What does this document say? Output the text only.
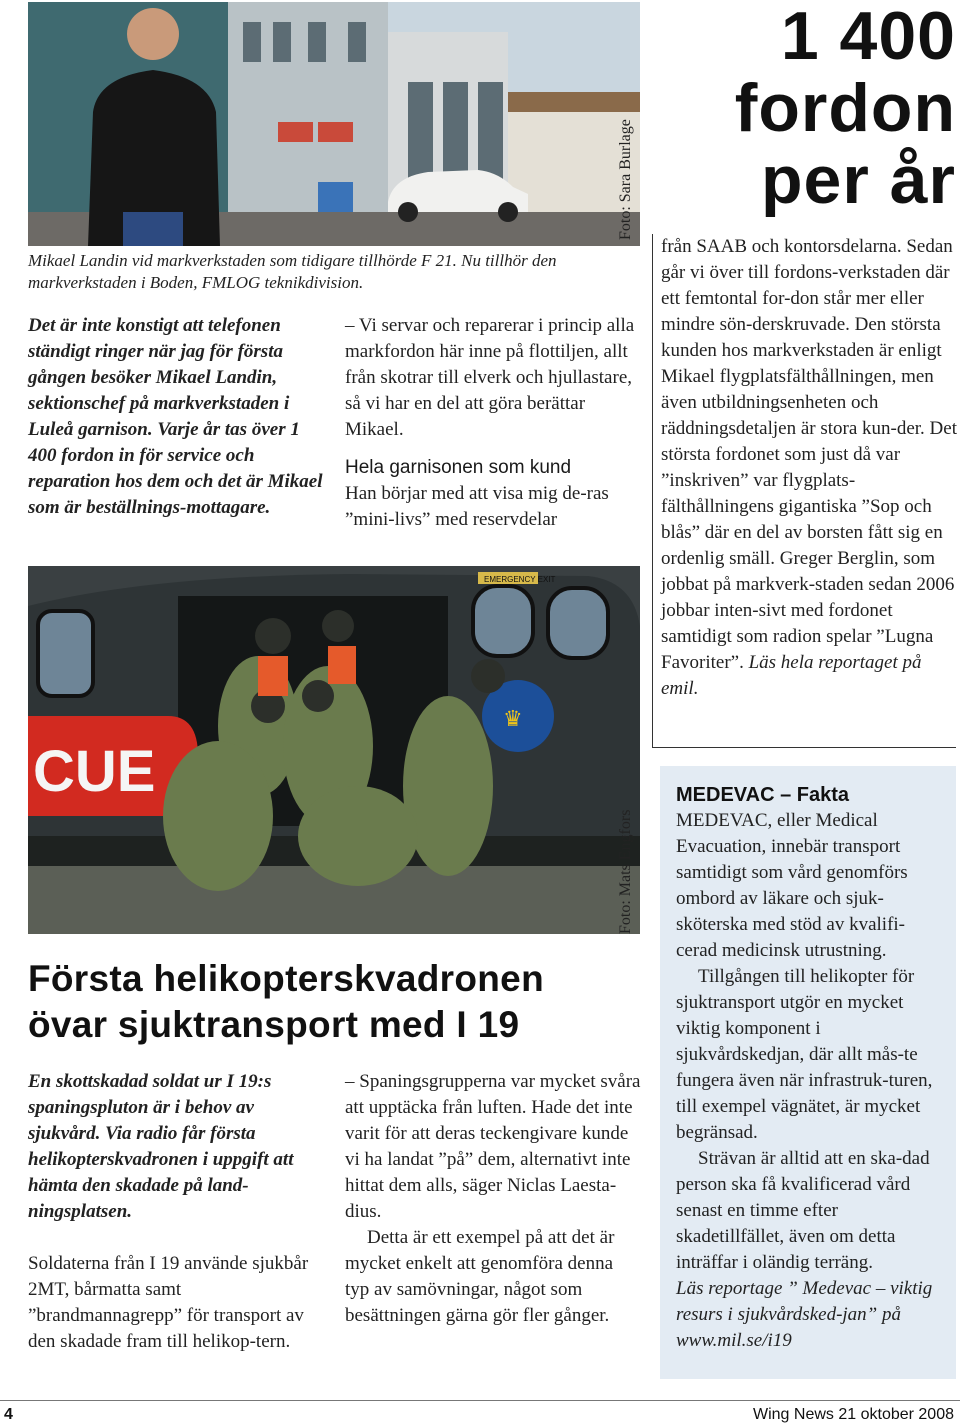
Foto: Sara Burlage
1 400
fordon
per år
Mikael Landin vid markverkstaden som tidigare tillhörde F 21. Nu tillhör den markverkstaden i Boden, FMLOG teknikdivision.
Det är inte konstigt att telefonen ständigt ringer när jag för första gången besöker Mikael Landin, sektionschef på markverkstaden i Luleå garnison. Varje år tas över 1 400 fordon in för service och reparation hos dem och det är Mikael som är beställnings-mottagare.

– Vi servar och reparerar i princip alla markfordon här inne på flottiljen, allt från skotrar till elverk och hjullastare, så vi har en del att göra berättar Mikael.

Hela garnisonen som kund

Han börjar med att visa mig de-ras ”mini-livs” med reservdelar

från SAAB och kontorsdelarna. Sedan går vi över till fordons-verkstaden där ett femtontal for-don står mer eller mindre sön-derskruvade. Den största kunden hos markverkstaden är enligt Mikael flygplatsfälthållningen, men även utbildningsenheten och räddningsdetaljen är stora kun-der. Det största fordonet som just då var ”inskriven” var flygplats-fälthållningens gigantiska ”Sop och blås” där en del av borsten fått sig en ordenlig smäll. Greger Berglin, som jobbat på markverk-staden sedan 2006 jobbar inten-sivt med fordonet samtidigt som radion spelar ”Lugna Favoriter”. Läs hela reportaget på emil.
EMERGENCY EXIT
CUE
♛
Foto: Mats Engfors
Första helikopterskvadronen
övar sjuktransport med I 19
En skottskadad soldat ur I 19:s spaningspluton är i behov av sjukvård. Via radio får första helikopterskvadronen i uppgift att hämta den skadade på land-ningsplatsen.
Soldaterna från I 19 använde sjukbår 2MT, bårmatta samt ”brandmannagrepp” för transport av den skadade fram till helikop-tern.

– Spaningsgrupperna var mycket svåra att upptäcka från luften. Hade det inte varit för att deras teckengivare kunde vi ha landat ”på” dem, alternativt inte hittat dem alls, säger Niclas Laesta-dius.

Detta är ett exempel på att det är mycket enkelt att genomföra denna typ av samövningar, något som besättningen gärna gör fler gånger.

MEDEVAC – Fakta

MEDEVAC, eller Medical Evacuation, innebär transport samtidigt som vård genomförs ombord av läkare och sjuk-sköterska med stöd av kvalifi-cerad medicinsk utrustning.

Tillgången till helikopter för sjuktransport utgör en mycket viktig komponent i sjukvårdskedjan, där allt mås-te fungera även när infrastruk-turen, till exempel vägnätet, är mycket begränsad.

Strävan är alltid att en ska-dad person ska få kvalificerad vård senast en timme efter skadetillfället, även om detta inträffar i oländig terräng.

Läs reportage ” Medevac – viktig resurs i sjukvårdsked-jan” på www.mil.se/i19

4	Wing News 21 oktober 2008
